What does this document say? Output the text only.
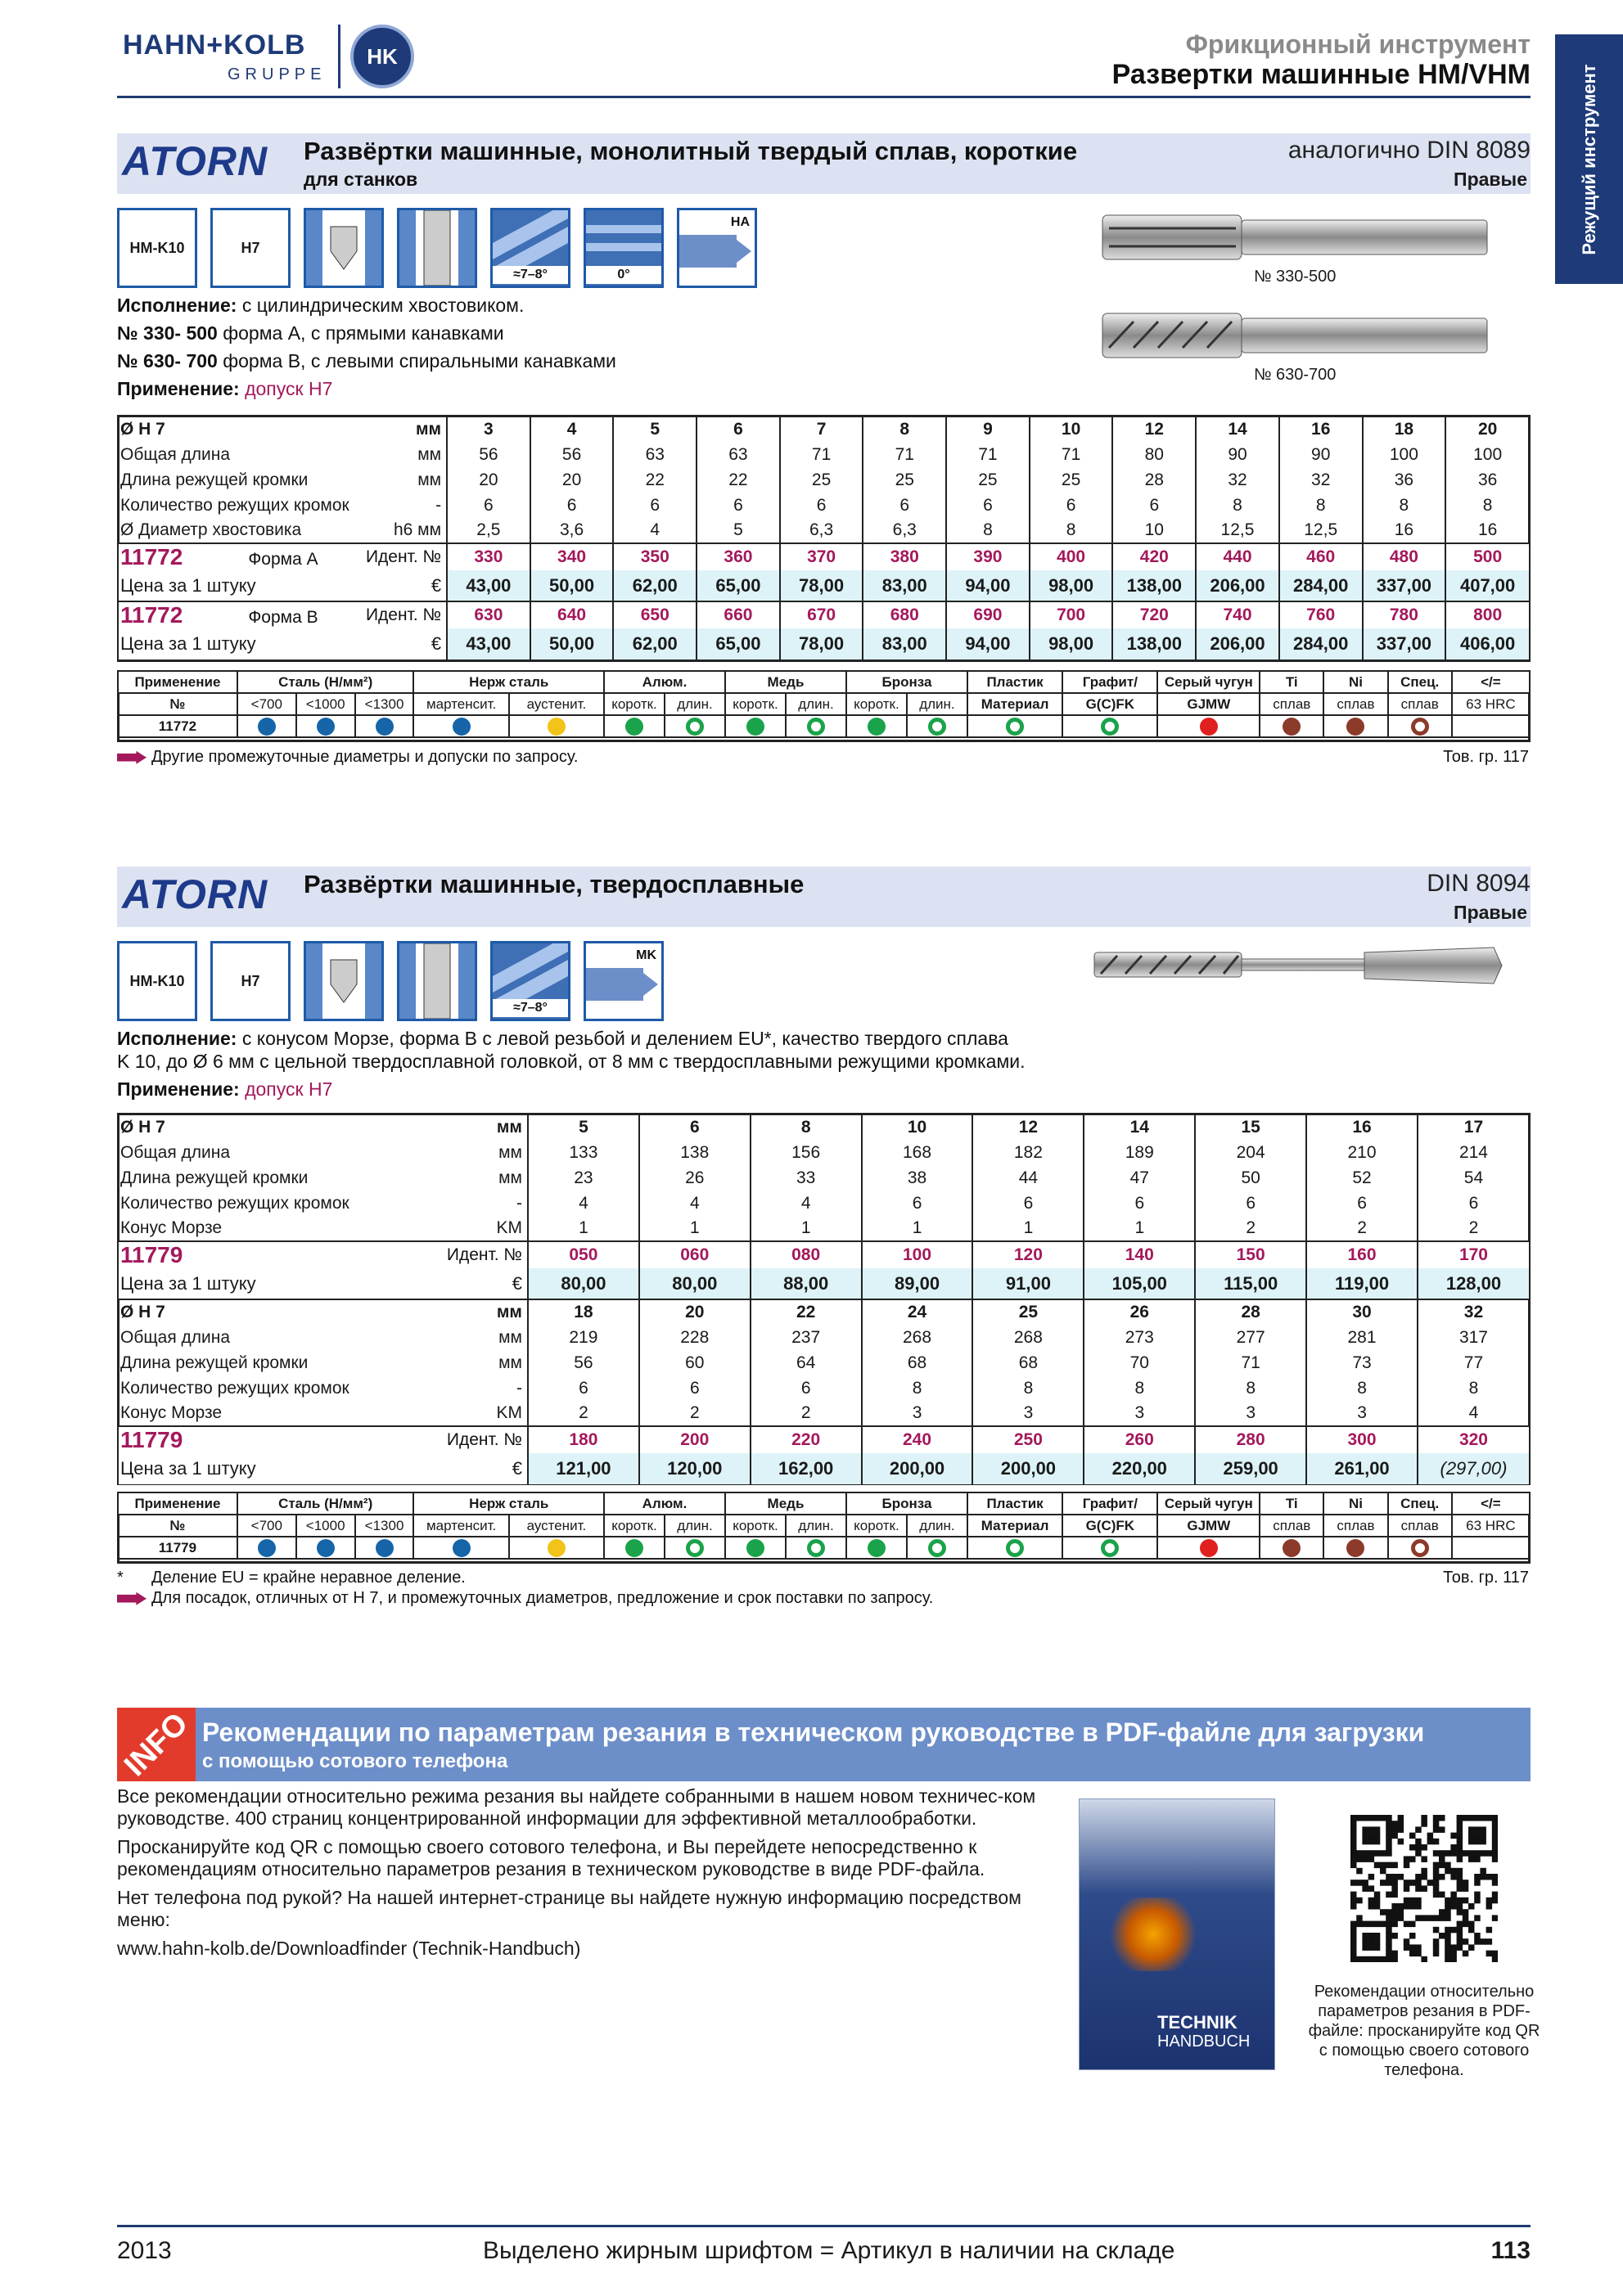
HAHN+KOLB
GRUPPE
HK	Фрикционный инструмент
Развертки машинные HM/VHM	Режущий инструмент
ATORN Развёртки машинные, монолитный твердый сплав, короткие
для станков
аналогично DIN 8089
Правые
HM-K10	H7
≈7–8°	0°
HA
№ 330-500
№ 630-700
Исполнение: с цилиндрическим хвостовиком.
№ 330- 500 форма А, с прямыми канавками
№ 630- 700 форма В, с левыми спиральными канавками
Применение: допуск H7
Ø H 7	мм	3	4	5	6	7	8	9	10	12	14	16	18	20
Общая длина	мм	56	56	63	63	71	71	71	71	80	90	90	100	100
Длина режущей кромки	мм	20	20	22	22	25	25	25	25	28	32	32	36	36
Количество режущих кромок	-	6	6	6	6	6	6	6	6	6	8	8	8	8
Ø Диаметр хвостовика	h6 мм	2,5	3,6	4	5	6,3	6,3	8	8	10	12,5	12,5	16	16
11772 Форма А	Идент. №	330	340	350	360	370	380	390	400	420	440	460	480	500
Цена за 1 штуку	€	43,00	50,00	62,00	65,00	78,00	83,00	94,00	98,00	138,00	206,00	284,00	337,00	407,00
11772 Форма В	Идент. №	630	640	650	660	670	680	690	700	720	740	760	780	800
Цена за 1 штуку	€	43,00	50,00	62,00	65,00	78,00	83,00	94,00	98,00	138,00	206,00	284,00	337,00	406,00
Применение	Сталь (Н/мм²)			Нерж сталь		Алюм.		Медь		Бронза		Пластик	Графит/	Серый чугун	Ti	Ni	Спец.	</=
№	<700	<1000	<1300	мартенсит.	аустенит.	коротк.	длин.	коротк.	длин.	коротк.	длин.	Материал	G(C)FK	GJMW	сплав	сплав	сплав	63 HRC
11772																		
Другие промежуточные диаметры и допуски по запросу.	Тов. гр. 117
ATORN Развёртки машинные, твердосплавные	DIN 8094
Правые
HM-K10	H7
≈7–8°
MK
Исполнение: с конусом Морзе, форма В с левой резьбой и делением EU*, качество твердого сплава
K 10, до Ø 6 мм с цельной твердосплавной головкой, от 8 мм с твердосплавными режущими кромками.
Применение: допуск H7
Ø H 7	мм	5	6	8	10	12	14	15	16	17
Общая длина	мм	133	138	156	168	182	189	204	210	214
Длина режущей кромки	мм	23	26	33	38	44	47	50	52	54
Количество режущих кромок	-	4	4	4	6	6	6	6	6	6
Конус Морзе	KM	1	1	1	1	1	1	2	2	2
11779	Идент. №	050	060	080	100	120	140	150	160	170
Цена за 1 штуку	€	80,00	80,00	88,00	89,00	91,00	105,00	115,00	119,00	128,00
Ø H 7	мм	18	20	22	24	25	26	28	30	32
Общая длина	мм	219	228	237	268	268	273	277	281	317
Длина режущей кромки	мм	56	60	64	68	68	70	71	73	77
Количество режущих кромок	-	6	6	6	8	8	8	8	8	8
Конус Морзе	KM	2	2	2	3	3	3	3	3	4
11779	Идент. №	180	200	220	240	250	260	280	300	320
Цена за 1 штуку	€	121,00	120,00	162,00	200,00	200,00	220,00	259,00	261,00	(297,00)
Применение	Сталь (Н/мм²)			Нерж сталь		Алюм.		Медь		Бронза		Пластик	Графит/	Серый чугун	Ti	Ni	Спец.	</=
№	<700	<1000	<1300	мартенсит.	аустенит.	коротк.	длин.	коротк.	длин.	коротк.	длин.	Материал	G(C)FK	GJMW	сплав	сплав	сплав	63 HRC
11779																		
* Деление EU = крайне неравное деление.	Тов. гр. 117
Для посадок, отличных от H 7, и промежуточных диаметров, предложение и срок поставки по запросу.
INFO Рекомендации по параметрам резания в техническом руководстве в PDF-файле для загрузки
с помощью сотового телефона
Все рекомендации относительно режима резания вы найдете собранными в нашем новом техничес-ком руководстве. 400 страниц концентрированной информации для эффективной металлообработки.
Просканируйте код QR с помощью своего сотового телефона, и Вы перейдете непосредственно к рекомендациям относительно параметров резания в техническом руководстве в виде PDF-файла.
Нет телефона под рукой? На нашей интернет-странице вы найдете нужную информацию посредством меню:
www.hahn-kolb.de/Downloadfinder (Technik-Handbuch)
TECHNIK
HANDBUCH
Рекомендации относительно параметров резания в PDF-файле: просканируйте код QR с помощью своего сотового телефона.
2013	Выделено жирным шрифтом = Артикул в наличии на складе	113
